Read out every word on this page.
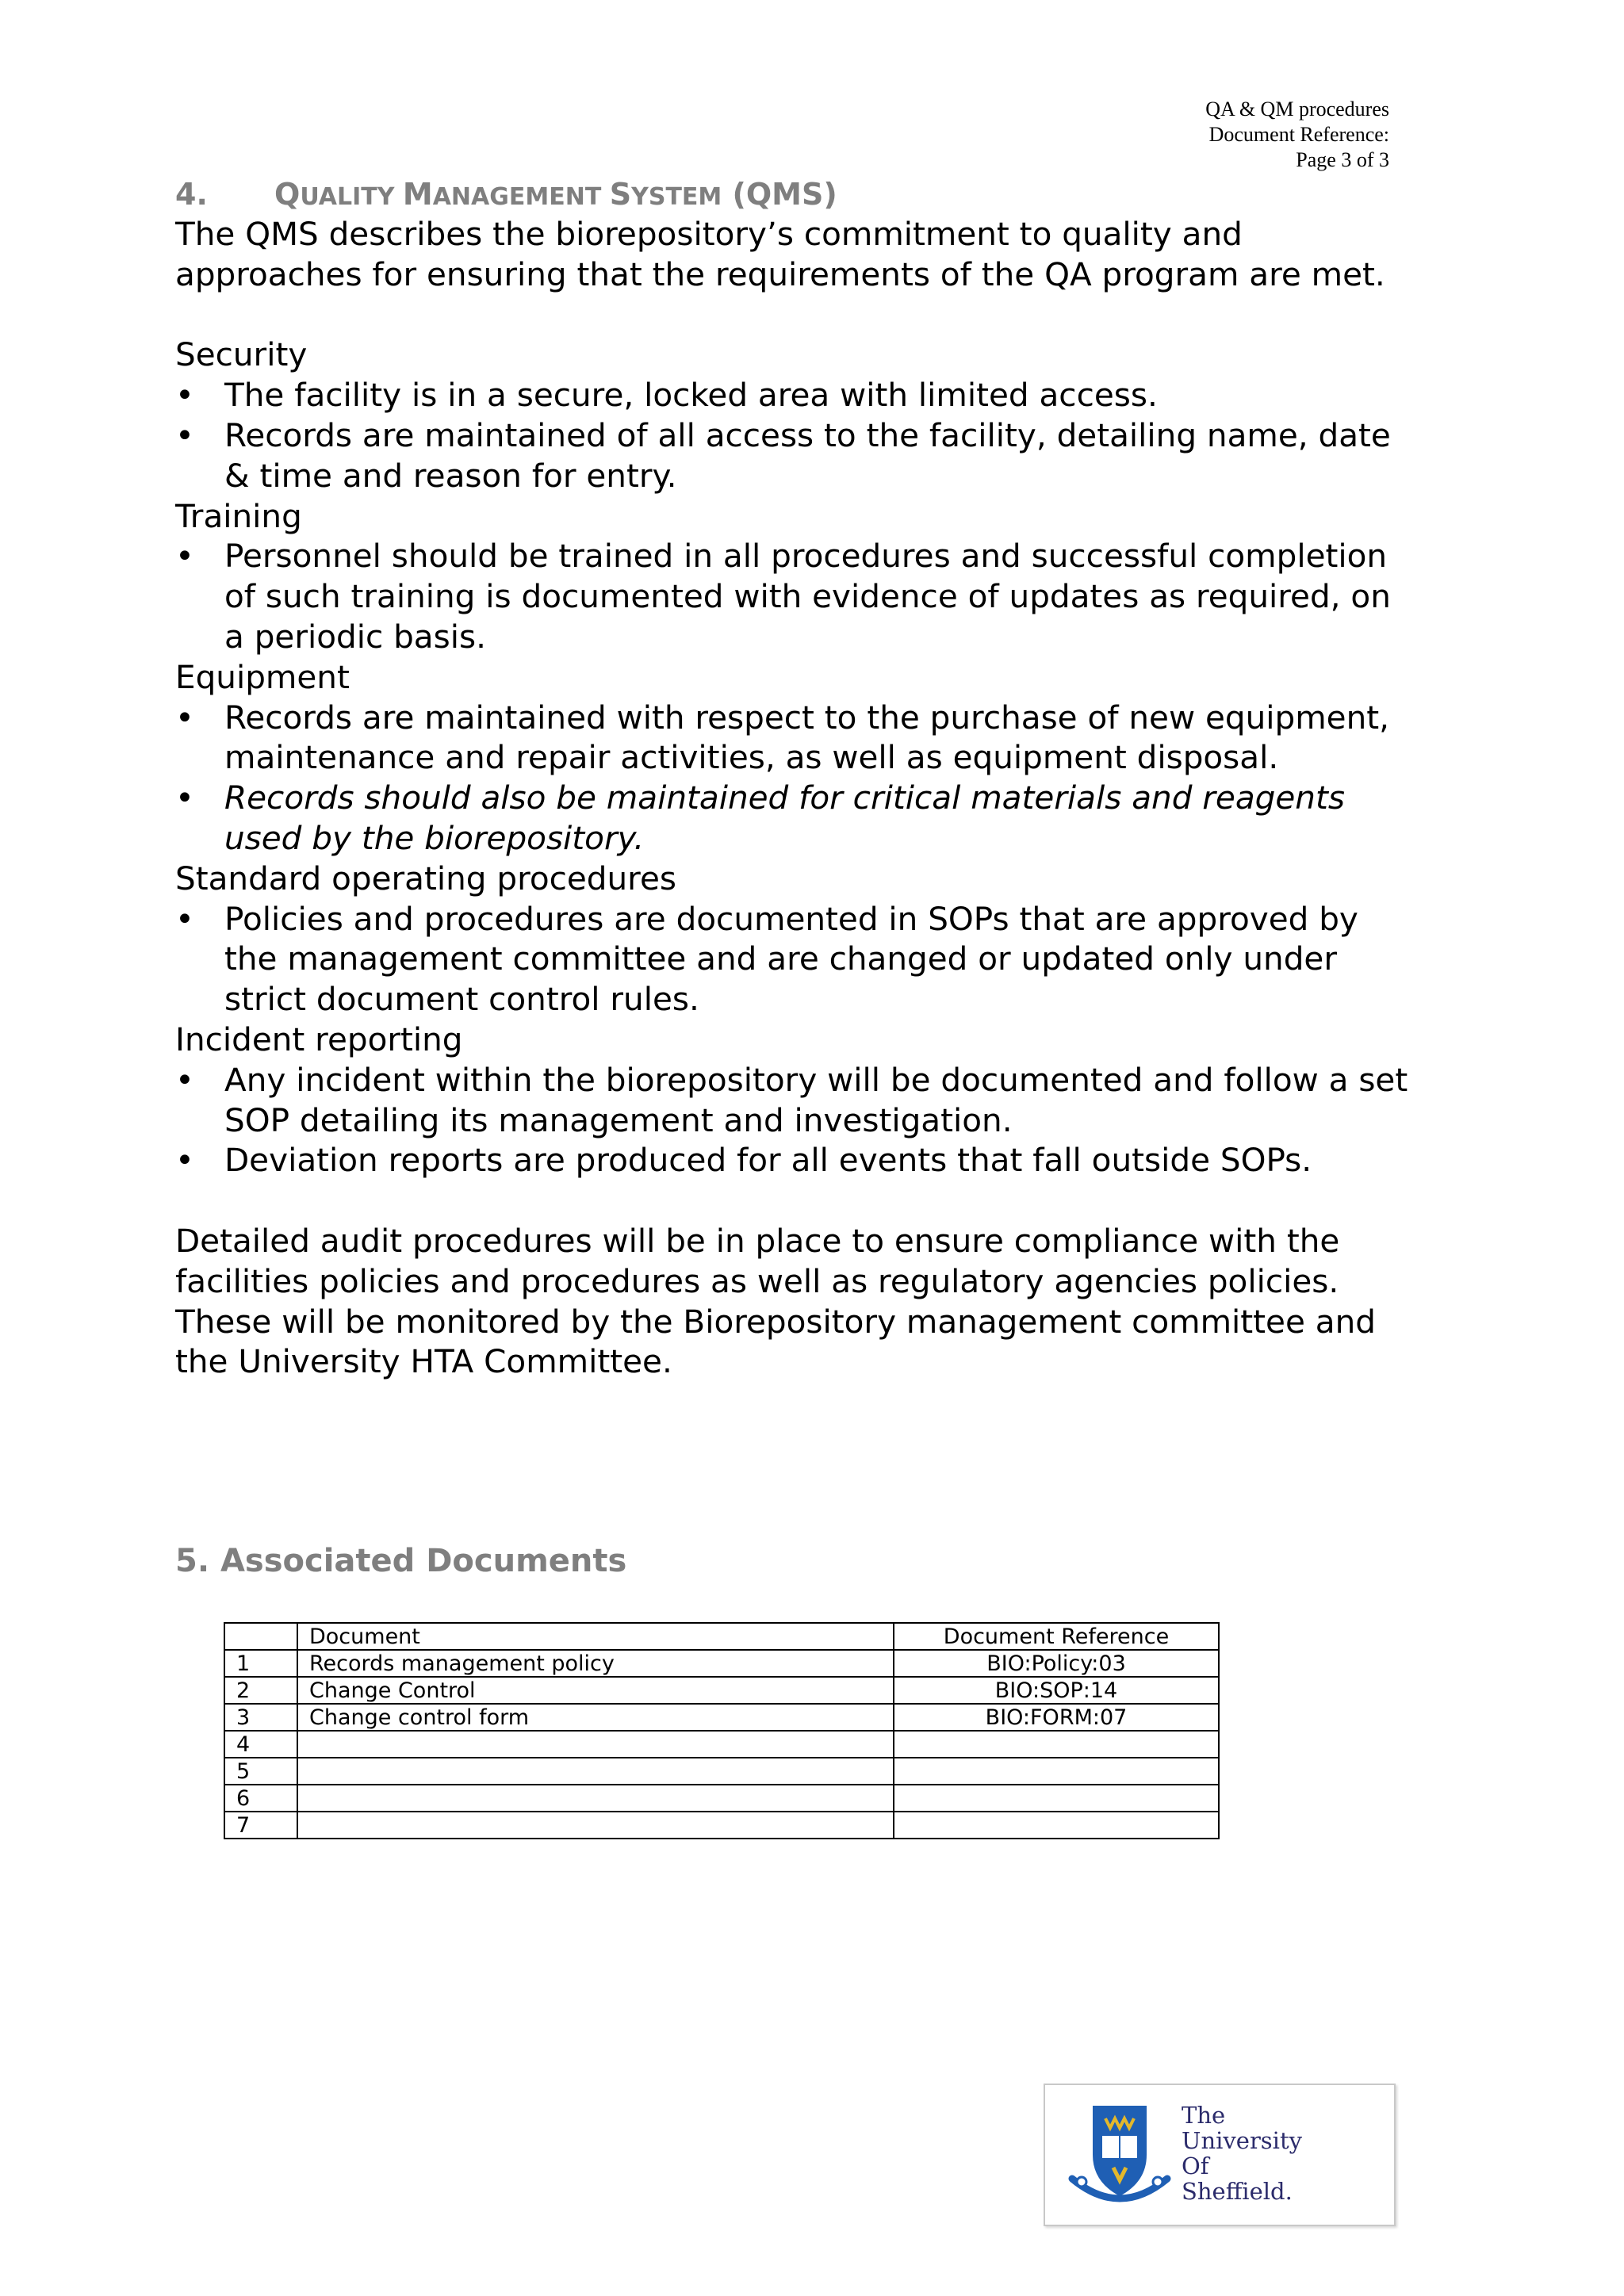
QA & QM procedures
Document Reference:
Page 3 of 3
4. QUALITY MANAGEMENT SYSTEM (QMS)

The QMS describes the biorepository’s commitment to quality and approaches for ensuring that the requirements of the QA program are met.

Security

• The facility is in a secure, locked area with limited access.
• Records are maintained of all access to the facility, detailing name, date & time and reason for entry.

Training

• Personnel should be trained in all procedures and successful completion of such training is documented with evidence of updates as required, on a periodic basis.

Equipment

• Records are maintained with respect to the purchase of new equipment, maintenance and repair activities, as well as equipment disposal.
• Records should also be maintained for critical materials and reagents used by the biorepository.

Standard operating procedures

• Policies and procedures are documented in SOPs that are approved by the management committee and are changed or updated only under strict document control rules.

Incident reporting

• Any incident within the biorepository will be documented and follow a set SOP detailing its management and investigation.
• Deviation reports are produced for all events that fall outside SOPs.

Detailed audit procedures will be in place to ensure compliance with the facilities policies and procedures as well as regulatory agencies policies. These will be monitored by the Biorepository management committee and the University HTA Committee.

5. Associated Documents
	Document	Document Reference
1	Records management policy	BIO:Policy:03
2	Change Control	BIO:SOP:14
3	Change control form	BIO:FORM:07
4		
5		
6		
7		
The
University
Of
Sheffield.
